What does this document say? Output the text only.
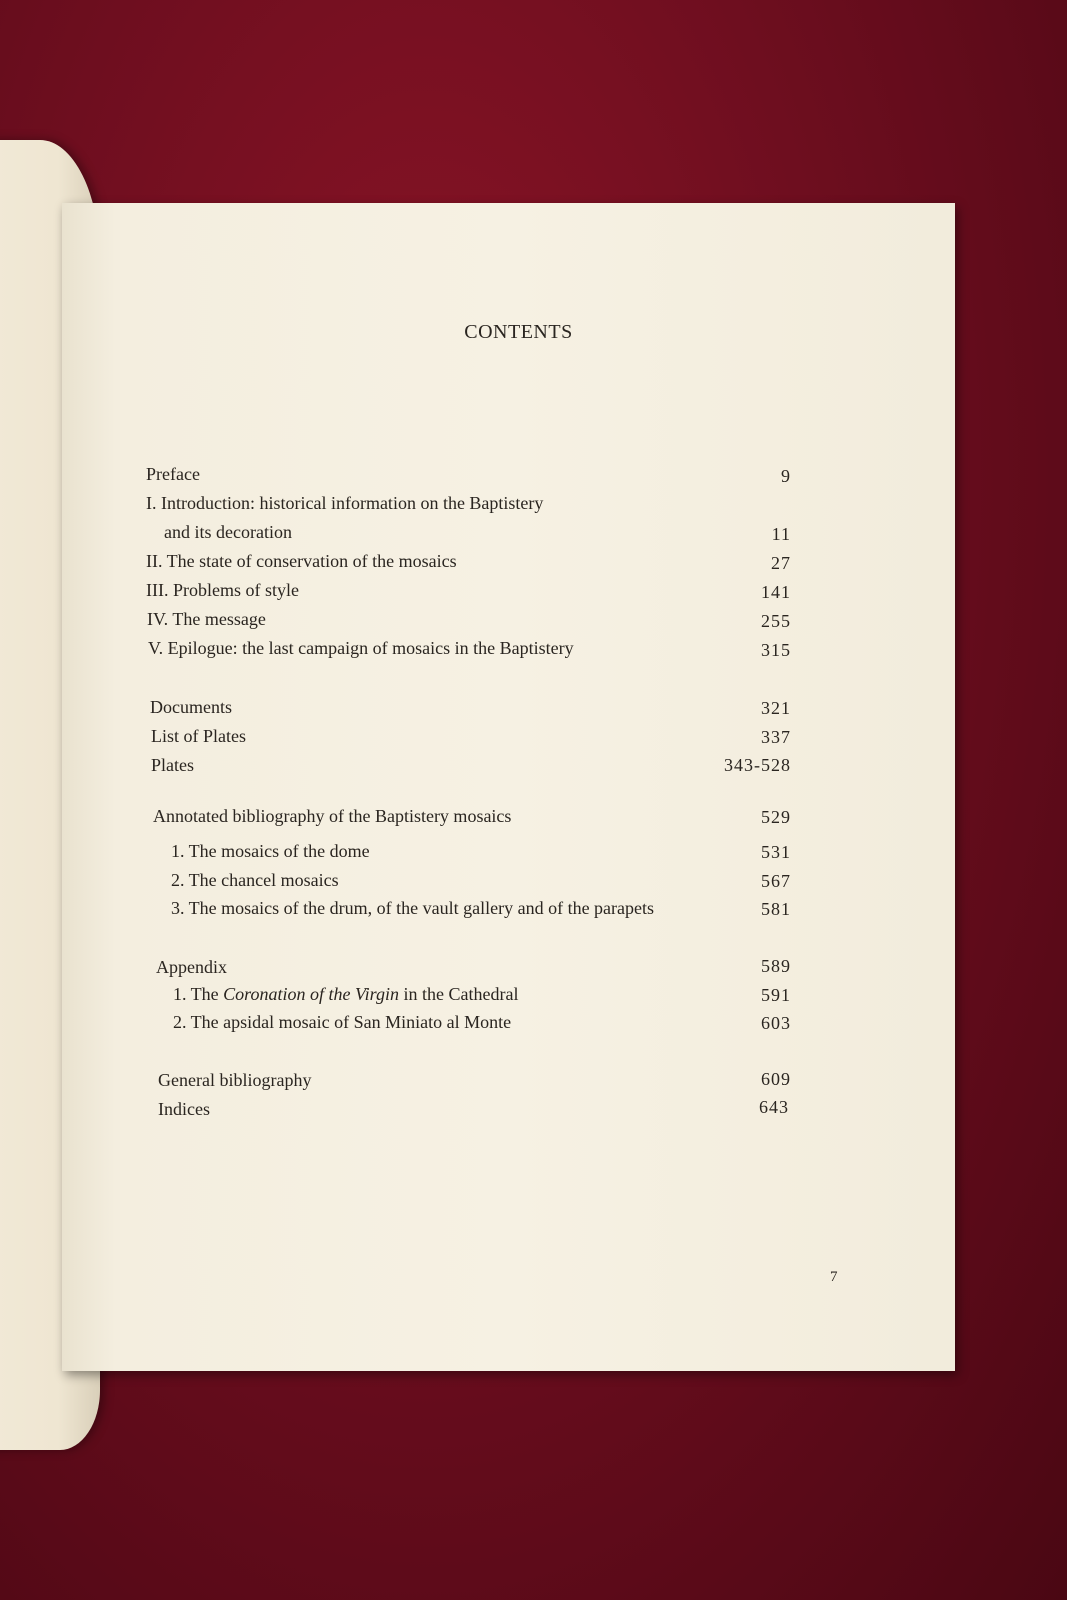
CONTENTS
Preface	9
I. Introduction: historical information on the Baptistery
and its decoration	11
II. The state of conservation of the mosaics	27
III. Problems of style	141
IV. The message	255
V. Epilogue: the last campaign of mosaics in the Baptistery	315
Documents	321
List of Plates	337
Plates	343-528
Annotated bibliography of the Baptistery mosaics	529
1. The mosaics of the dome	531
2. The chancel mosaics	567
3. The mosaics of the drum, of the vault gallery and of the parapets	581
Appendix	589
1. The Coronation of the Virgin in the Cathedral	591
2. The apsidal mosaic of San Miniato al Monte	603
General bibliography	609
Indices	643
7
